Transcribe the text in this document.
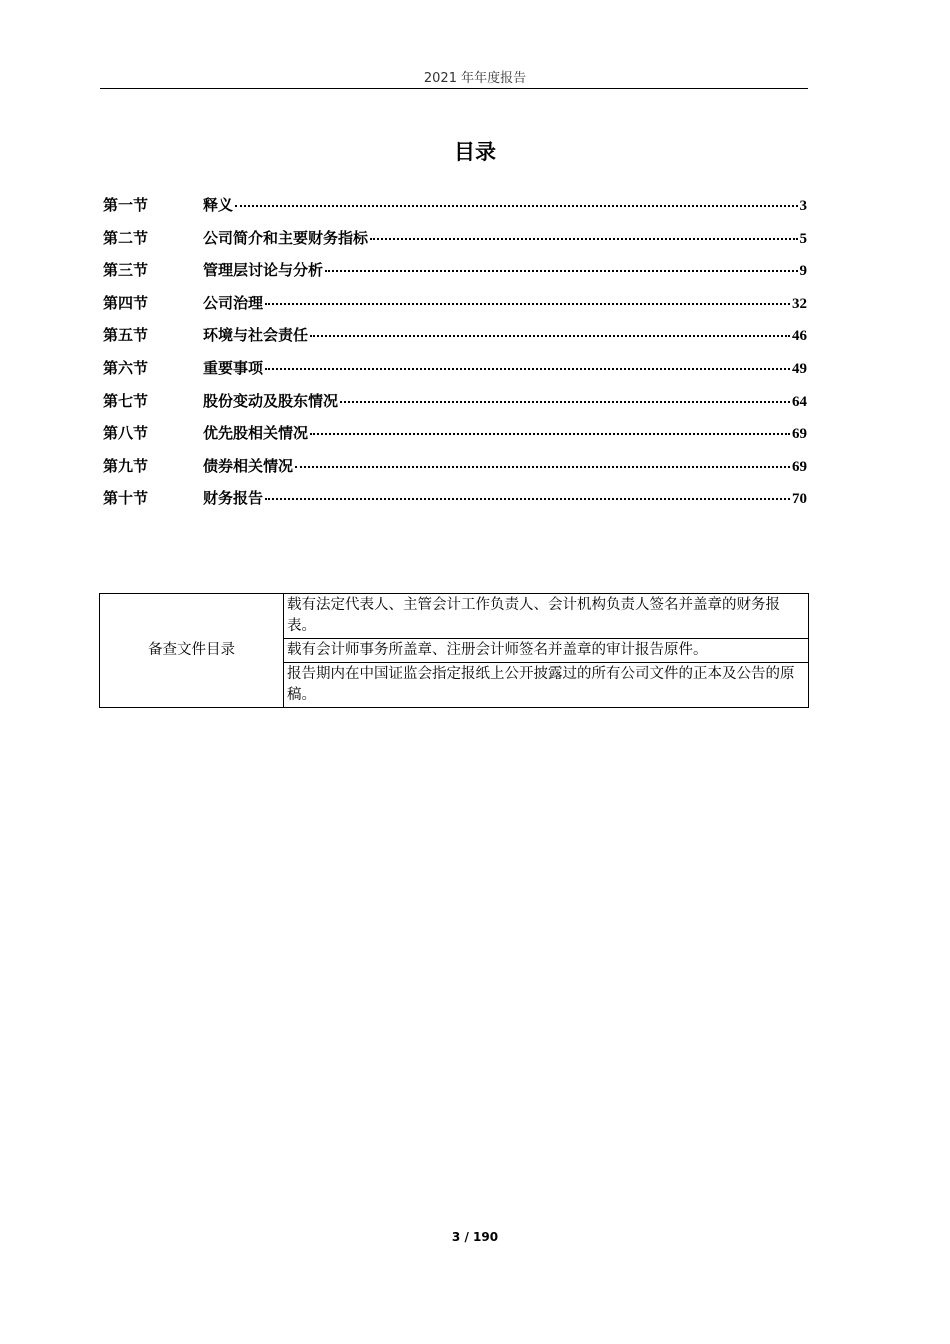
2021 年年度报告
目录
第一节	释义	3
第二节	公司简介和主要财务指标	5
第三节	管理层讨论与分析	9
第四节	公司治理	32
第五节	环境与社会责任	46
第六节	重要事项	49
第七节	股份变动及股东情况	64
第八节	优先股相关情况	69
第九节	债券相关情况	69
第十节	财务报告	70
备查文件目录	载有法定代表人、主管会计工作负责人、会计机构负责人签名并盖章的财务报表。
载有会计师事务所盖章、注册会计师签名并盖章的审计报告原件。
报告期内在中国证监会指定报纸上公开披露过的所有公司文件的正本及公告的原稿。
3 / 190
